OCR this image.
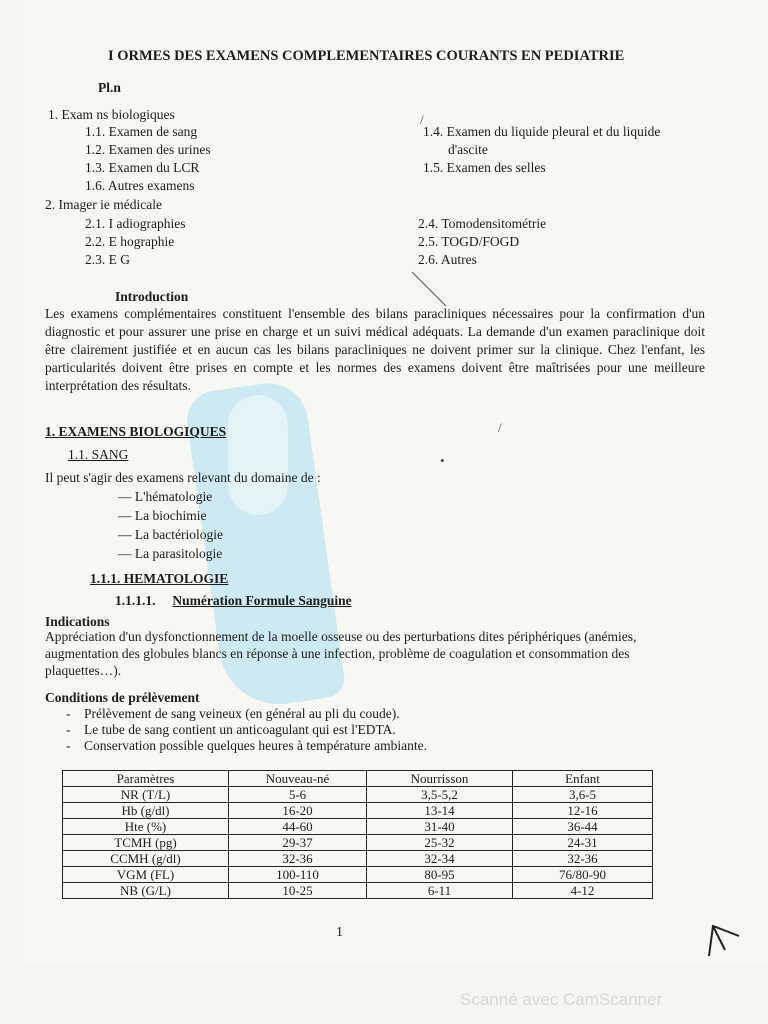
I ORMES DES EXAMENS COMPLEMENTAIRES COURANTS EN PEDIATRIE
Pl.n
1. Exam ns biologiques
1.1. Examen de sang
1.2. Examen des urines
1.3. Examen du LCR
1.6. Autres examens
1.4. Examen du liquide pleural et du liquide
d'ascite
1.5. Examen des selles
2. Imager ie médicale
2.1. I adiographies
2.2. E hographie
2.3. E G
2.4. Tomodensitométrie
2.5. TOGD/FOGD
2.6. Autres
Introduction
Les examens complémentaires constituent l'ensemble des bilans paracliniques nécessaires pour la confirmation d'un diagnostic et pour assurer une prise en charge et un suivi médical adéquats. La demande d'un examen paraclinique doit être clairement justifiée et en aucun cas les bilans paracliniques ne doivent primer sur la clinique. Chez l'enfant, les particularités doivent être prises en compte et les normes des examens doivent être maîtrisées pour une meilleure interprétation des résultats.
1. EXAMENS BIOLOGIQUES
1.1. SANG
Il peut s'agir des examens relevant du domaine de :
— L'hématologie
— La biochimie
— La bactériologie
— La parasitologie
1.1.1. HEMATOLOGIE
1.1.1.1. Numération Formule Sanguine
Indications
Appréciation d'un dysfonctionnement de la moelle osseuse ou des perturbations dites périphériques (anémies, augmentation des globules blancs en réponse à une infection, problème de coagulation et consommation des plaquettes…).
Conditions de prélèvement
-    Prélèvement de sang veineux (en général au pli du coude).
-    Le tube de sang contient un anticoagulant qui est l'EDTA.
-    Conservation possible quelques heures à température ambiante.
Paramètres	Nouveau-né	Nourrisson	Enfant
NR (T/L)	5-6	3,5-5,2	3,6-5
Hb (g/dl)	16-20	13-14	12-16
Hte (%)	44-60	31-40	36-44
TCMH (pg)	29-37	25-32	24-31
CCMH (g/dl)	32-36	32-34	32-36
VGM (FL)	100-110	80-95	76/80-90
NB (G/L)	10-25	6-11	4-12
/
/
•
1
Scanné avec CamScanner
